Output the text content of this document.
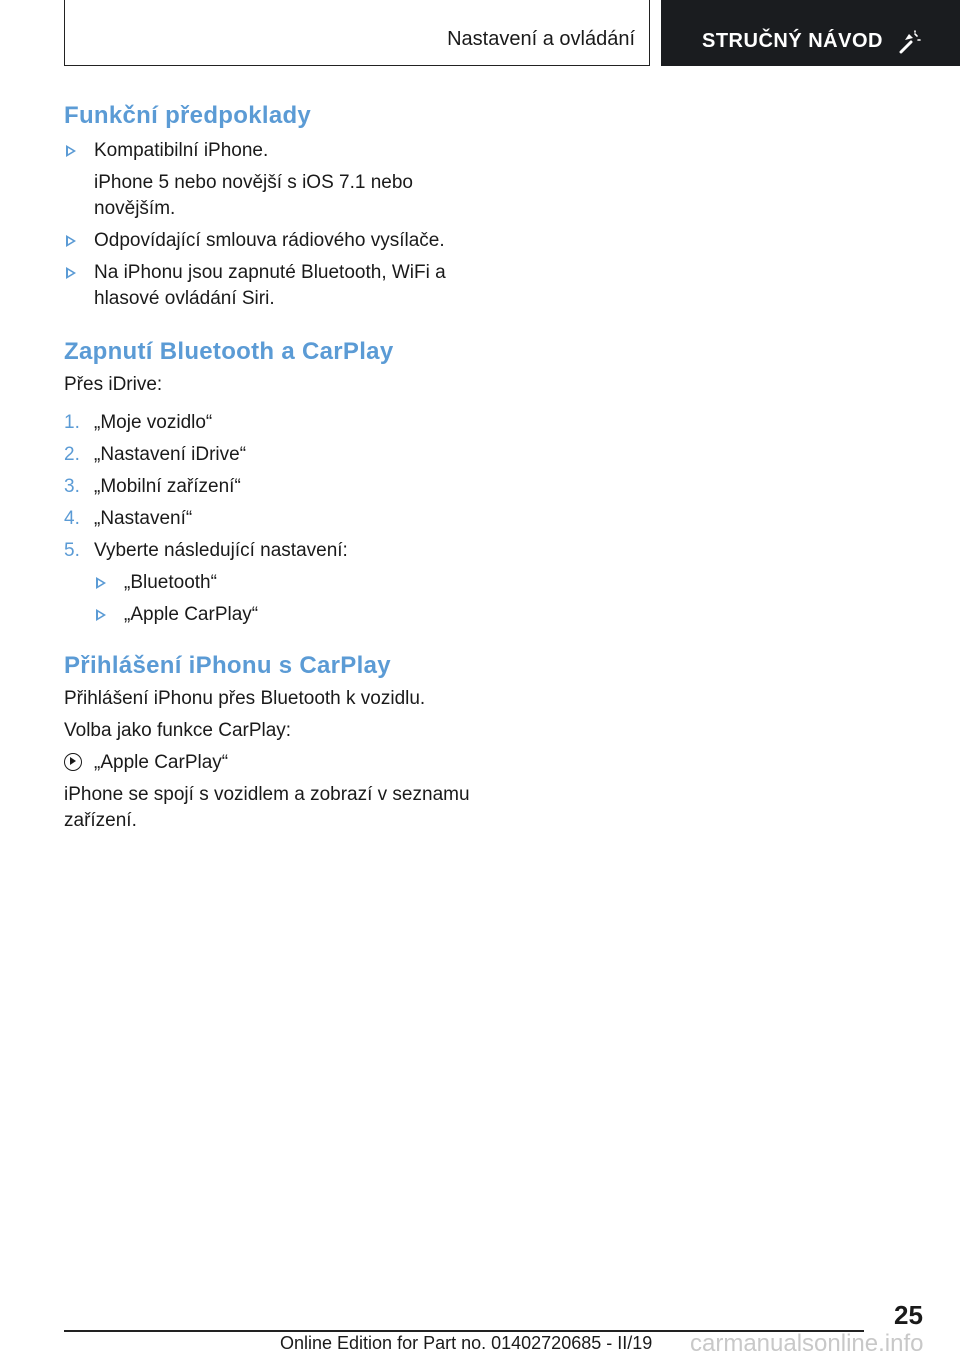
Nastavení a ovládání	STRUČNÝ NÁVOD
Funkční předpoklady
Kompatibilní iPhone.

iPhone 5 nebo novější s iOS 7.1 nebo novějším.

Odpovídající smlouva rádiového vysílače.
Na iPhonu jsou zapnuté Bluetooth, WiFi a hlasové ovládání Siri.
Zapnutí Bluetooth a CarPlay

Přes iDrive:

1. „Moje vozidlo“
2. „Nastavení iDrive“
3. „Mobilní zařízení“
4. „Nastavení“
5. Vyberte následující nastavení:
„Bluetooth“
„Apple CarPlay“
Přihlášení iPhonu s CarPlay

Přihlášení iPhonu přes Bluetooth k vozidlu.

Volba jako funkce CarPlay:

„Apple CarPlay“

iPhone se spojí s vozidlem a zobrazí v seznamu zařízení.

25
Online Edition for Part no. 01402720685 - II/19 carmanualsonline.info
